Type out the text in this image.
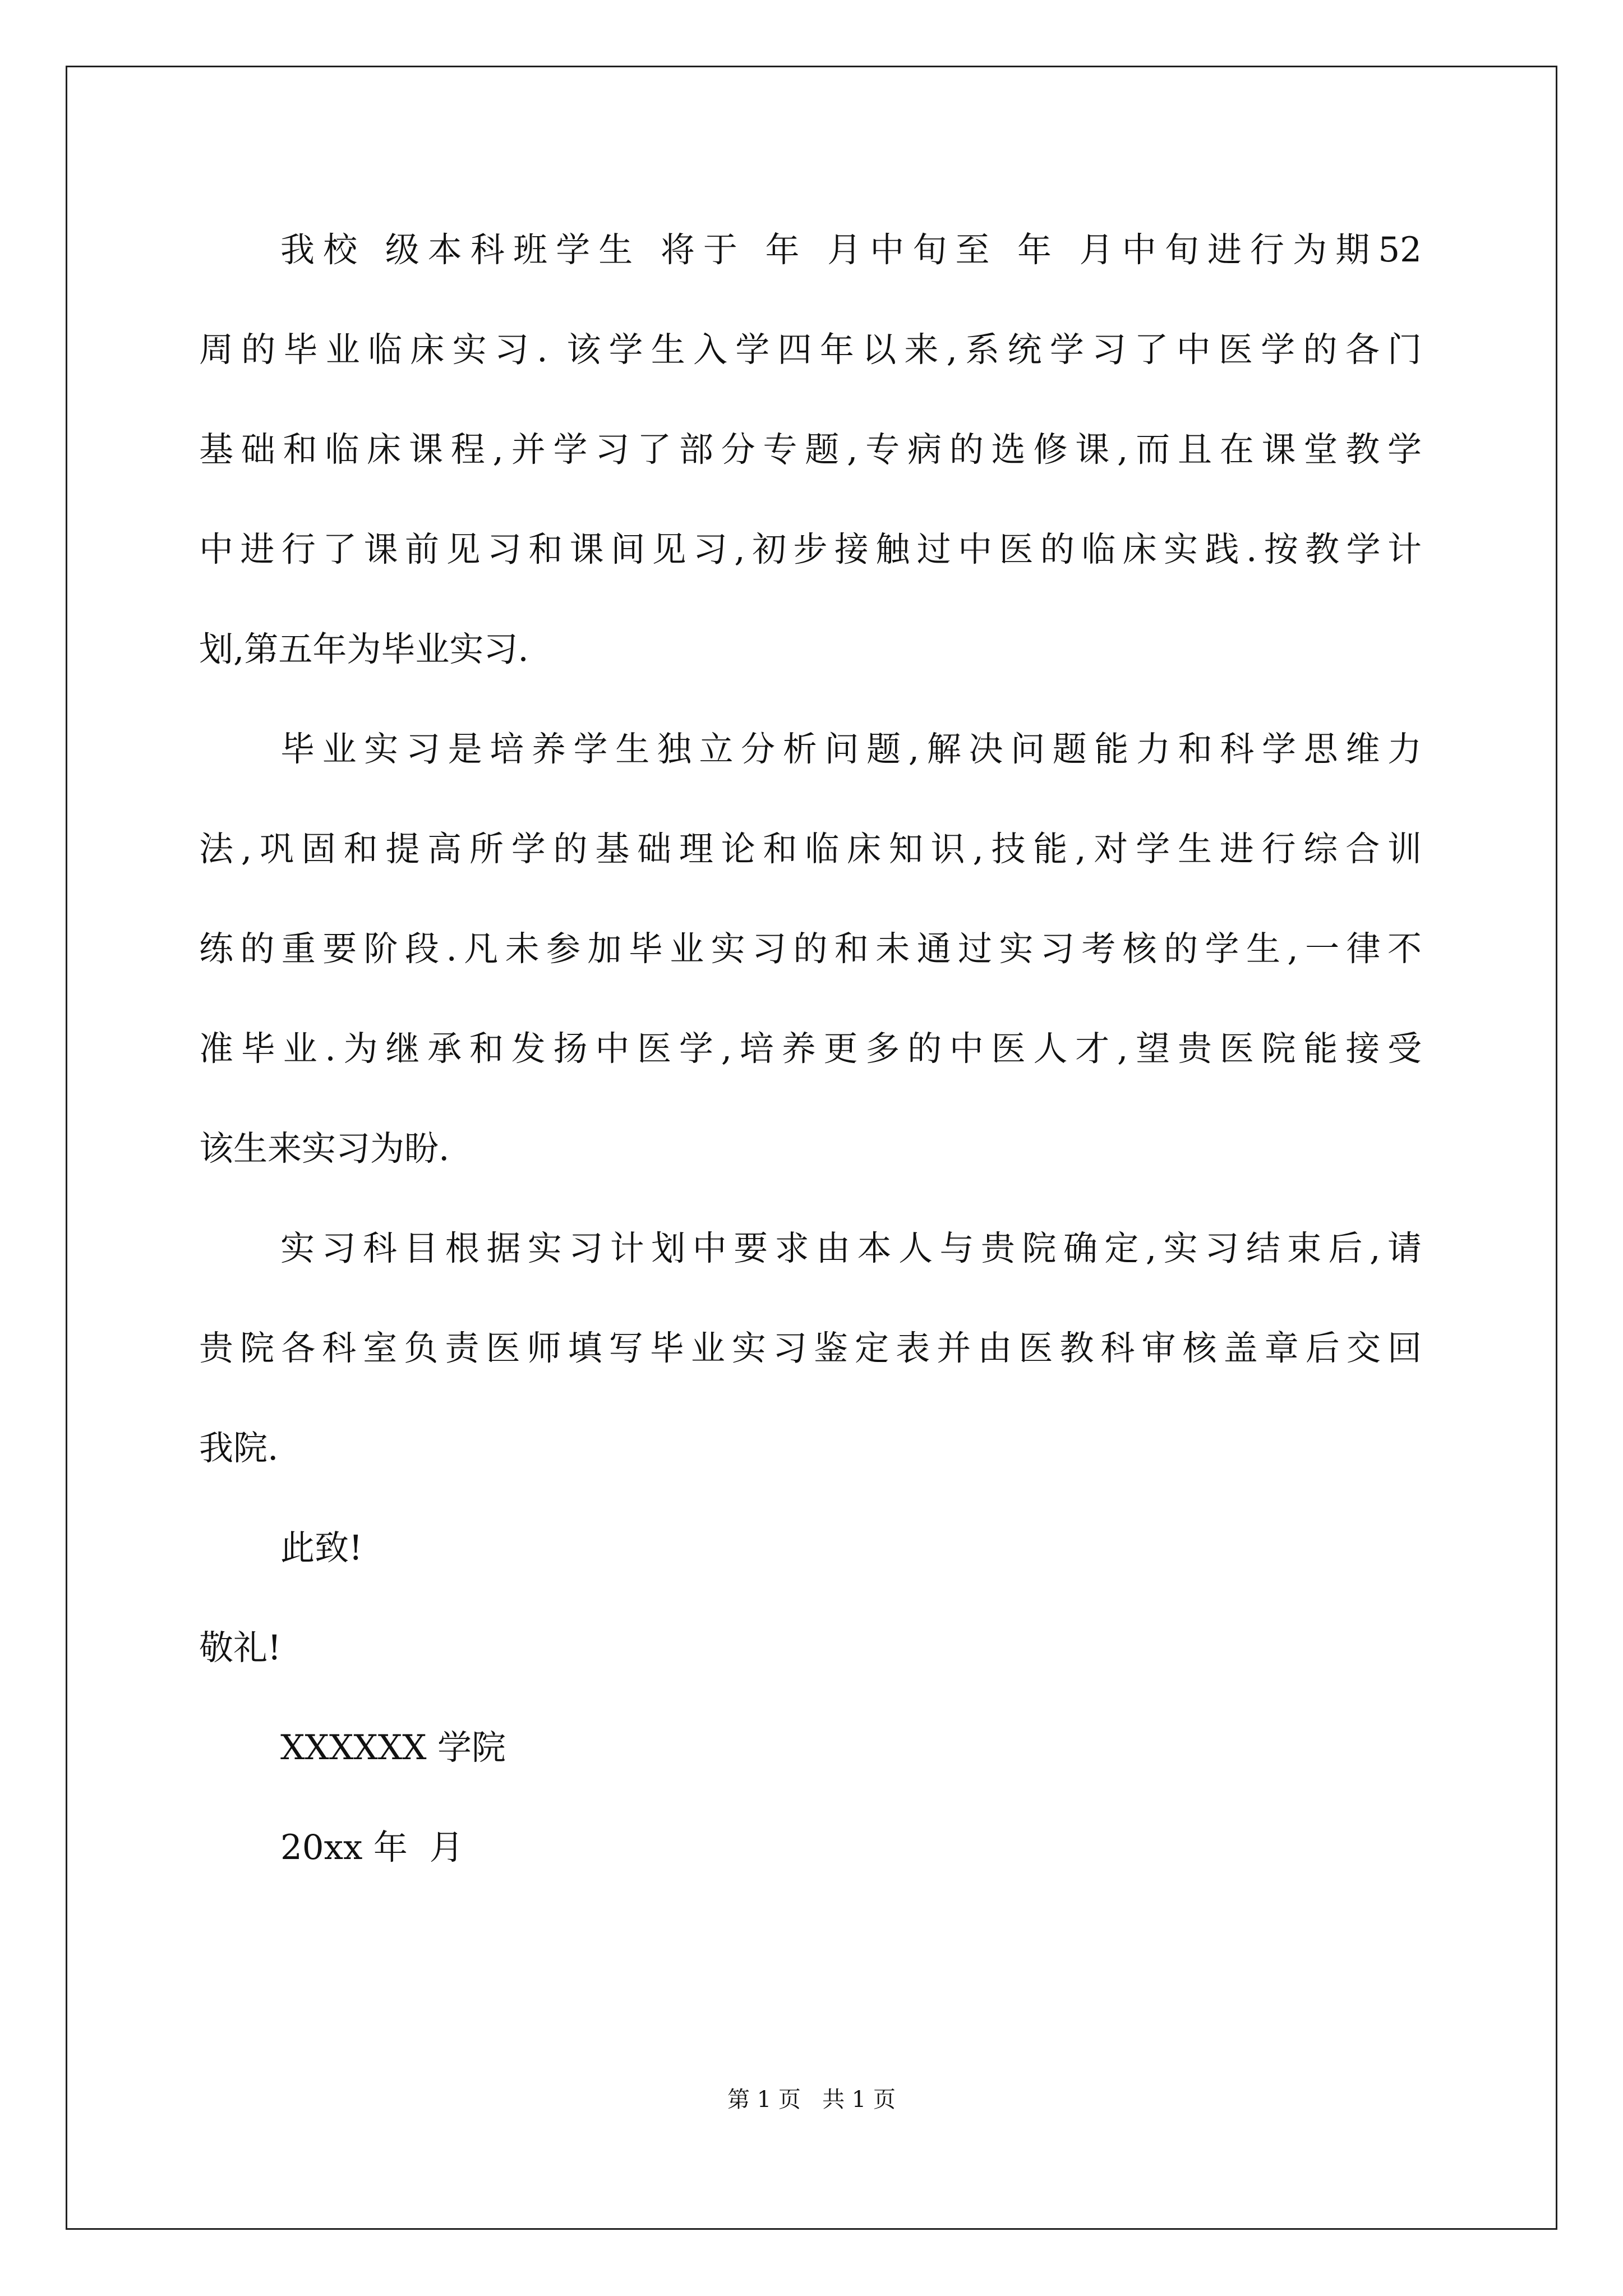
我校 级本科班学生 将于 年 月中旬至 年 月中旬进行为期52
周的毕业临床实习. 该学生入学四年以来,系统学习了中医学的各门
基础和临床课程,并学习了部分专题,专病的选修课,而且在课堂教学
中进行了课前见习和课间见习,初步接触过中医的临床实践.按教学计
划,第五年为毕业实习.
毕业实习是培养学生独立分析问题,解决问题能力和科学思维力
法,巩固和提高所学的基础理论和临床知识,技能,对学生进行综合训
练的重要阶段.凡未参加毕业实习的和未通过实习考核的学生,一律不
准毕业.为继承和发扬中医学,培养更多的中医人才,望贵医院能接受
该生来实习为盼.
实习科目根据实习计划中要求由本人与贵院确定,实习结束后,请
贵院各科室负责医师填写毕业实习鉴定表并由医教科审核盖章后交回
我院.
此致!
敬礼!
XXXXXX 学院
20xx 年  月
第 1 页   共 1 页
